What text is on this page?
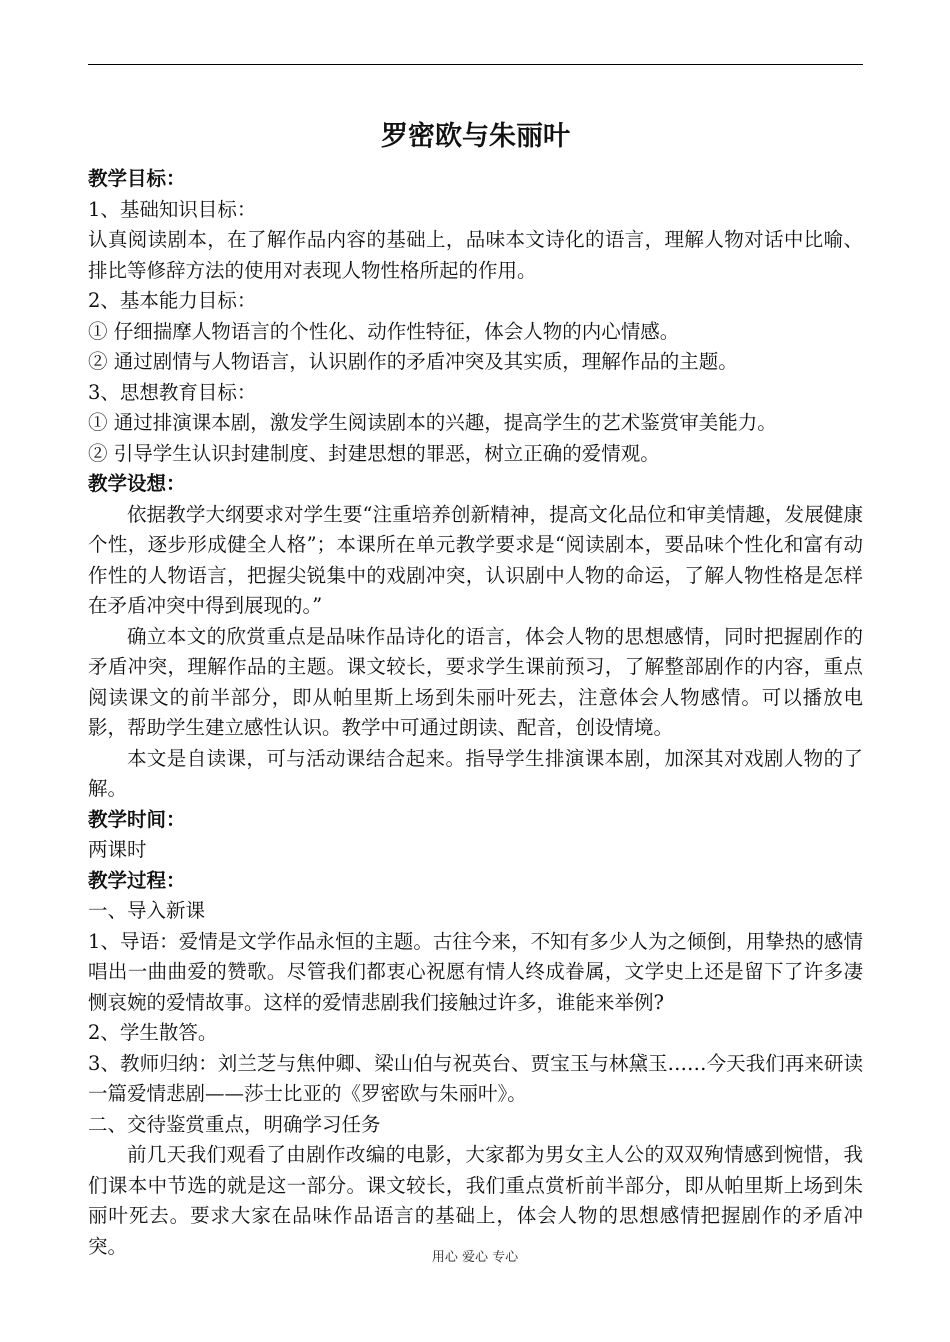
罗密欧与朱丽叶

教学目标：

1、基础知识目标：

认真阅读剧本，在了解作品内容的基础上，品味本文诗化的语言，理解人物对话中比喻、排比等修辞方法的使用对表现人物性格所起的作用。

2、基本能力目标：

① 仔细揣摩人物语言的个性化、动作性特征，体会人物的内心情感。

② 通过剧情与人物语言，认识剧作的矛盾冲突及其实质，理解作品的主题。

3、思想教育目标：

① 通过排演课本剧，激发学生阅读剧本的兴趣，提高学生的艺术鉴赏审美能力。

② 引导学生认识封建制度、封建思想的罪恶，树立正确的爱情观。

教学设想：

依据教学大纲要求对学生要“注重培养创新精神，提高文化品位和审美情趣，发展健康个性，逐步形成健全人格”；本课所在单元教学要求是“阅读剧本，要品味个性化和富有动作性的人物语言，把握尖锐集中的戏剧冲突，认识剧中人物的命运，了解人物性格是怎样在矛盾冲突中得到展现的。”

确立本文的欣赏重点是品味作品诗化的语言，体会人物的思想感情，同时把握剧作的矛盾冲突，理解作品的主题。课文较长，要求学生课前预习，了解整部剧作的内容，重点阅读课文的前半部分，即从帕里斯上场到朱丽叶死去，注意体会人物感情。可以播放电影，帮助学生建立感性认识。教学中可通过朗读、配音，创设情境。

本文是自读课，可与活动课结合起来。指导学生排演课本剧，加深其对戏剧人物的了解。

教学时间：

两课时

教学过程：

一、导入新课

1、导语：爱情是文学作品永恒的主题。古往今来，不知有多少人为之倾倒，用挚热的感情唱出一曲曲爱的赞歌。尽管我们都衷心祝愿有情人终成眷属，文学史上还是留下了许多凄恻哀婉的爱情故事。这样的爱情悲剧我们接触过许多，谁能来举例?

2、学生散答。

3、教师归纳：刘兰芝与焦仲卿、梁山伯与祝英台、贾宝玉与林黛玉……今天我们再来研读一篇爱情悲剧——莎士比亚的《罗密欧与朱丽叶》。

二、交待鉴赏重点，明确学习任务

前几天我们观看了由剧作改编的电影，大家都为男女主人公的双双殉情感到惋惜，我们课本中节选的就是这一部分。课文较长，我们重点赏析前半部分，即从帕里斯上场到朱丽叶死去。要求大家在品味作品语言的基础上，体会人物的思想感情把握剧作的矛盾冲突。	用心 爱心 专心
